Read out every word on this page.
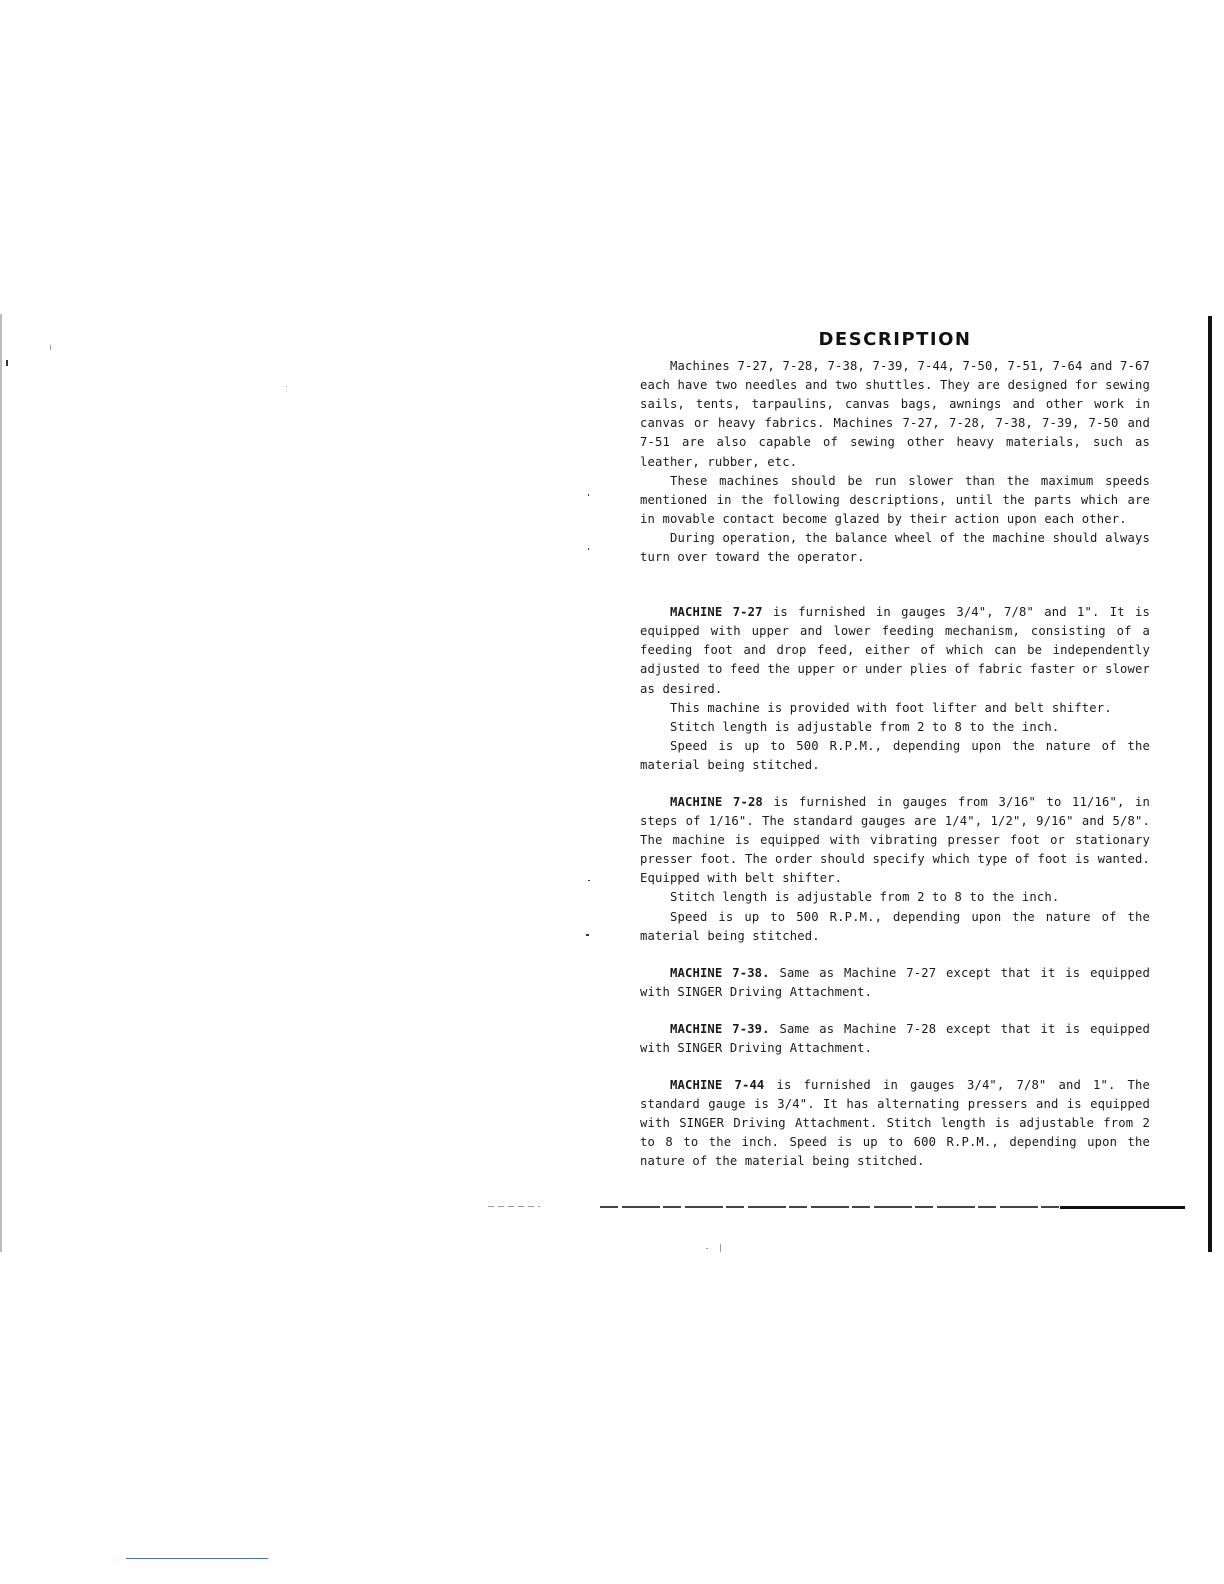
DESCRIPTION

Machines 7-27, 7-28, 7-38, 7-39, 7-44, 7-50, 7-51, 7-64 and 7-67 each have two needles and two shuttles. They are designed for sewing sails, tents, tarpaulins, canvas bags, awnings and other work in canvas or heavy fabrics. Machines 7-27, 7-28, 7-38, 7-39, 7-50 and 7-51 are also capable of sewing other heavy materials, such as leather, rubber, etc.

These machines should be run slower than the maximum speeds mentioned in the following descriptions, until the parts which are in movable contact become glazed by their action upon each other.

During operation, the balance wheel of the machine should always turn over toward the operator.

MACHINE 7-27 is furnished in gauges 3/4", 7/8" and 1". It is equipped with upper and lower feeding mechanism, consisting of a feeding foot and drop feed, either of which can be independently adjusted to feed the upper or under plies of fabric faster or slower as desired.

This machine is provided with foot lifter and belt shifter.

Stitch length is adjustable from 2 to 8 to the inch.

Speed is up to 500 R.P.M., depending upon the nature of the material being stitched.

MACHINE 7-28 is furnished in gauges from 3/16" to 11/16", in steps of 1/16". The standard gauges are 1/4", 1/2", 9/16" and 5/8". The machine is equipped with vibrating presser foot or stationary presser foot. The order should specify which type of foot is wanted. Equipped with belt shifter.

Stitch length is adjustable from 2 to 8 to the inch.

Speed is up to 500 R.P.M., depending upon the nature of the material being stitched.

MACHINE 7-38. Same as Machine 7-27 except that it is equipped with SINGER Driving Attachment.

MACHINE 7-39. Same as Machine 7-28 except that it is equipped with SINGER Driving Attachment.

MACHINE 7-44 is furnished in gauges 3/4", 7/8" and 1". The standard gauge is 3/4". It has alternating pressers and is equipped with SINGER Driving Attachment. Stitch length is adjustable from 2 to 8 to the inch. Speed is up to 600 R.P.M., depending upon the nature of the material being stitched.
